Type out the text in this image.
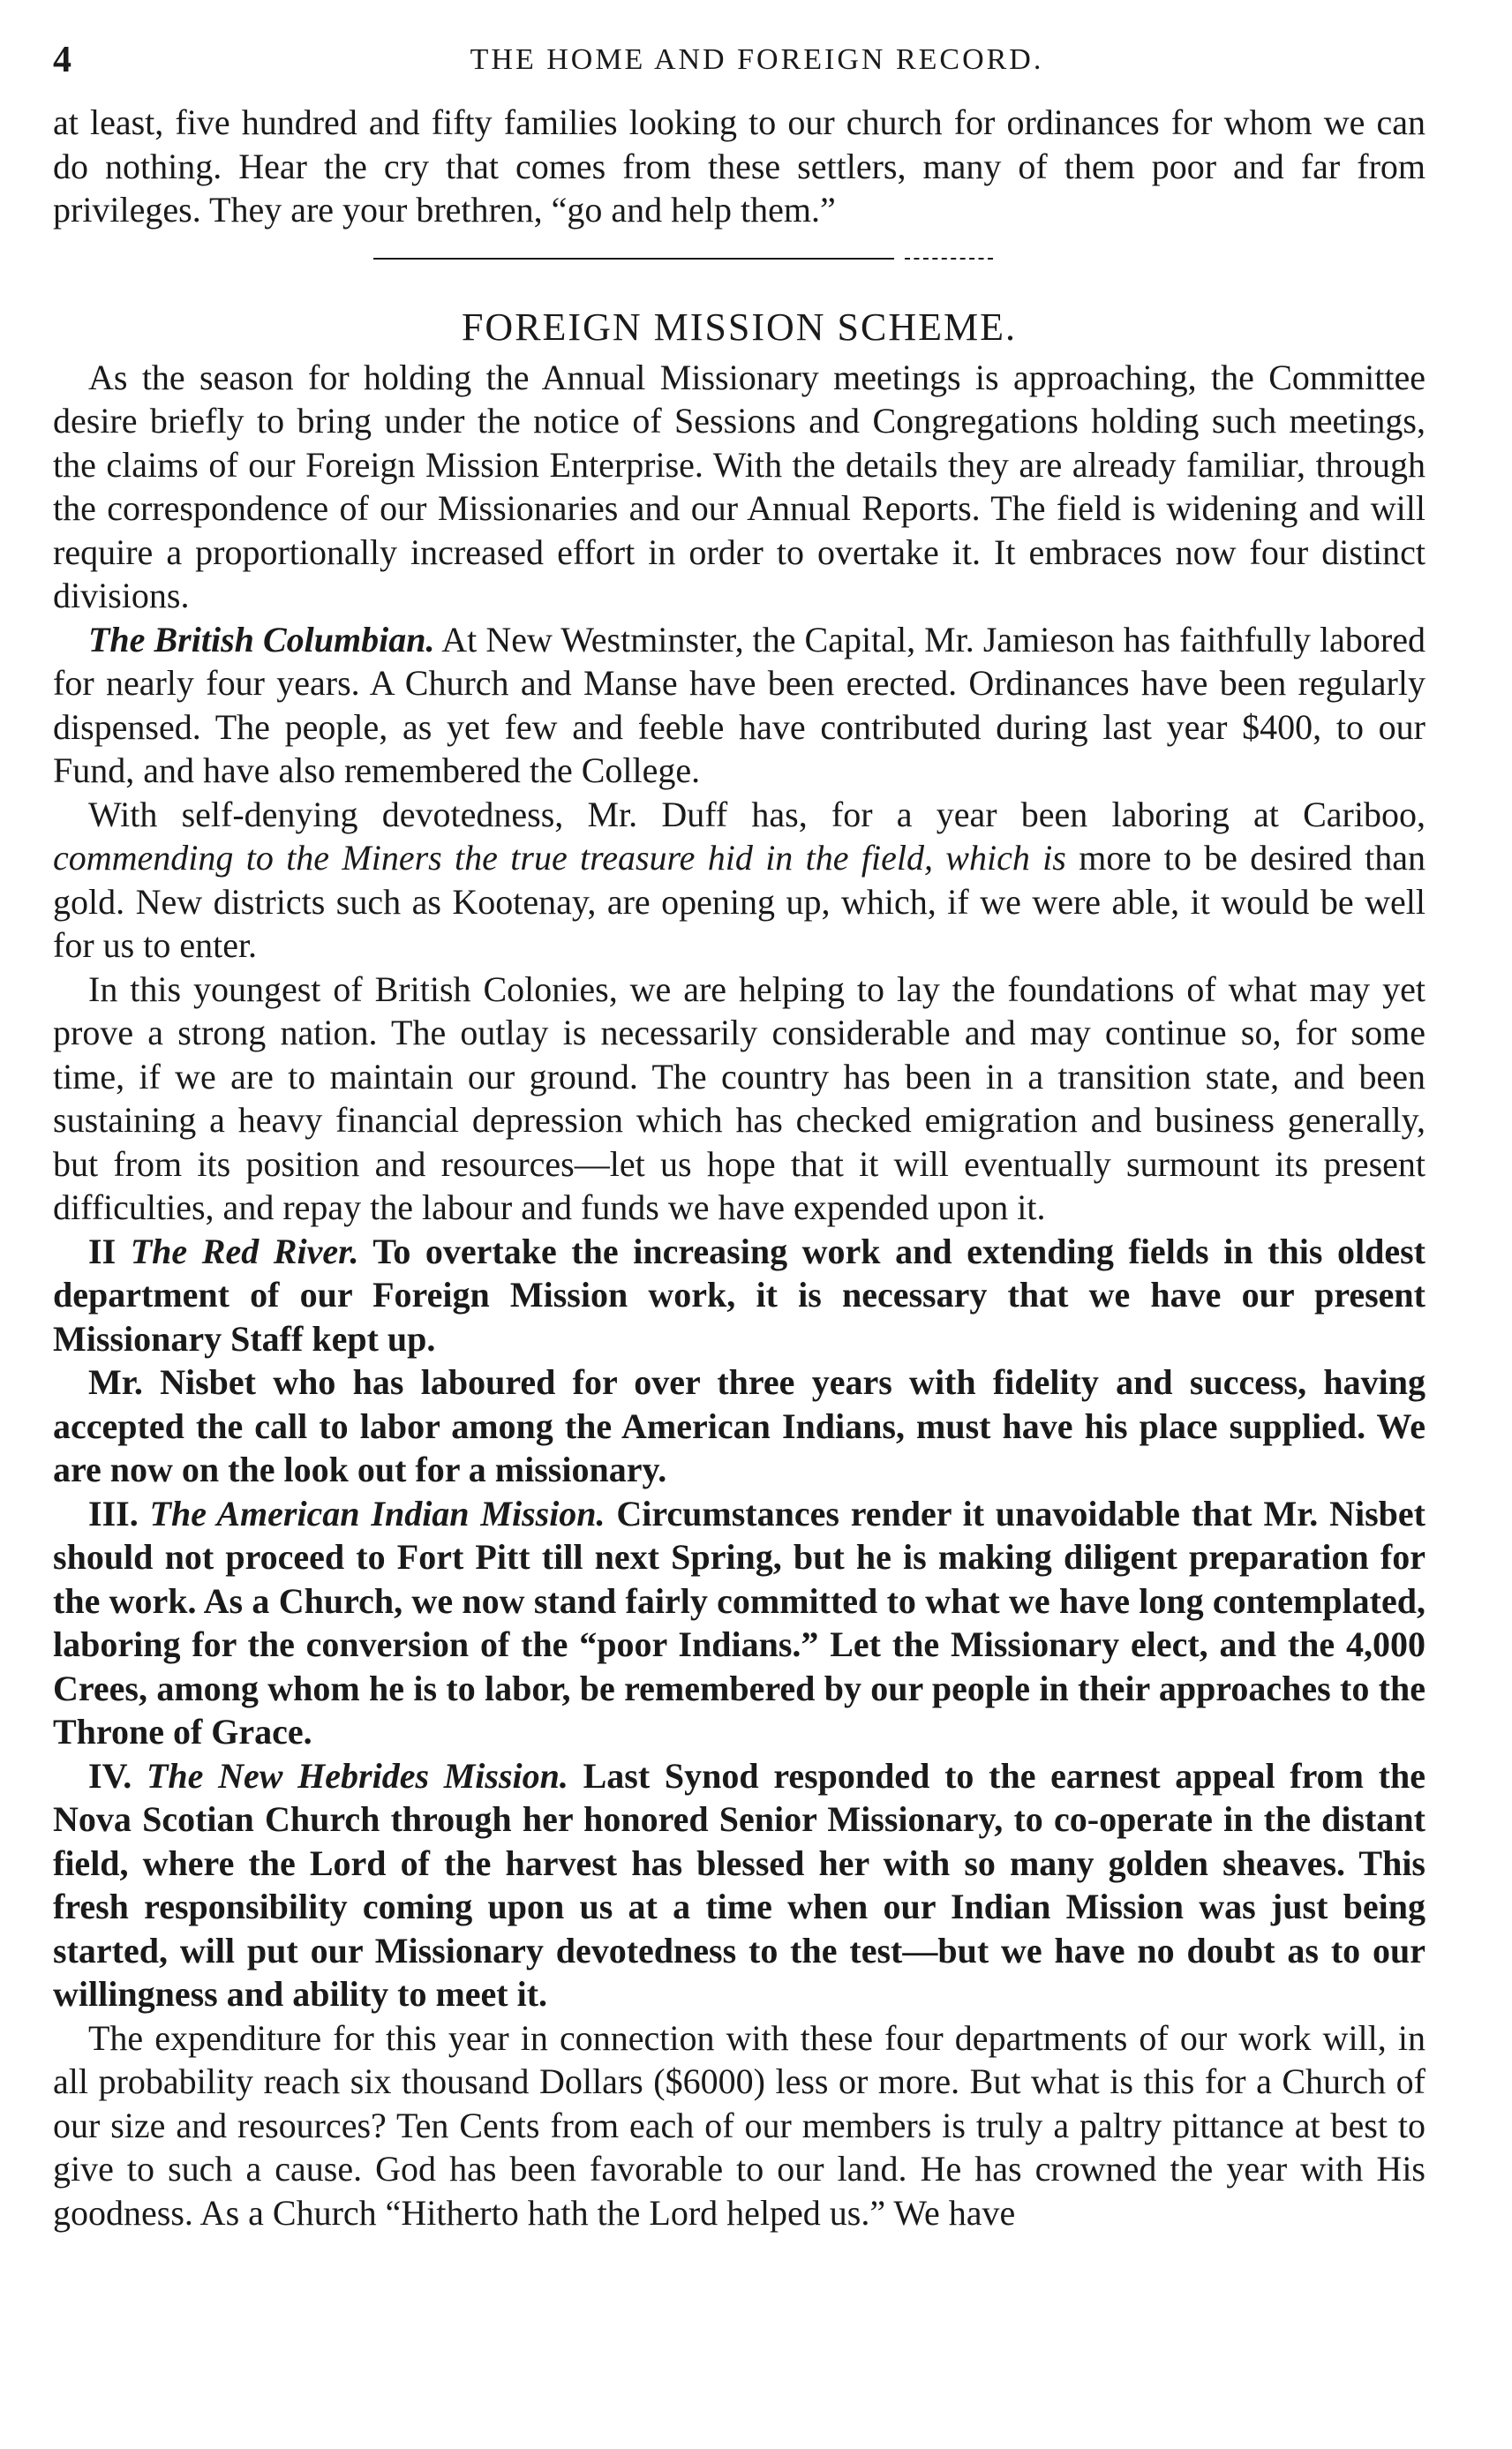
4	THE HOME AND FOREIGN RECORD.

at least, five hundred and fifty families looking to our church for ordinances for whom we can do nothing. Hear the cry that comes from these settlers, many of them poor and far from privileges. They are your brethren, “go and help them.”

FOREIGN MISSION SCHEME.

As the season for holding the Annual Missionary meetings is approaching, the Committee desire briefly to bring under the notice of Sessions and Congregations holding such meetings, the claims of our Foreign Mission Enterprise. With the details they are already familiar, through the correspondence of our Missionaries and our Annual Reports. The field is widening and will require a proportionally increased effort in order to overtake it. It embraces now four distinct divisions.

The British Columbian. At New Westminster, the Capital, Mr. Jamieson has faithfully labored for nearly four years. A Church and Manse have been erected. Ordinances have been regularly dispensed. The people, as yet few and feeble have contributed during last year $400, to our Fund, and have also remembered the College.

With self-denying devotedness, Mr. Duff has, for a year been laboring at Cariboo, commending to the Miners the true treasure hid in the field, which is more to be desired than gold. New districts such as Kootenay, are opening up, which, if we were able, it would be well for us to enter.

In this youngest of British Colonies, we are helping to lay the foundations of what may yet prove a strong nation. The outlay is necessarily considerable and may continue so, for some time, if we are to maintain our ground. The country has been in a transition state, and been sustaining a heavy financial depression which has checked emigration and business generally, but from its position and resources—let us hope that it will eventually surmount its present difficulties, and repay the labour and funds we have expended upon it.

II The Red River. To overtake the increasing work and extending fields in this oldest department of our Foreign Mission work, it is necessary that we have our present Missionary Staff kept up.

Mr. Nisbet who has laboured for over three years with fidelity and success, having accepted the call to labor among the American Indians, must have his place supplied. We are now on the look out for a missionary.

III. The American Indian Mission. Circumstances render it unavoidable that Mr. Nisbet should not proceed to Fort Pitt till next Spring, but he is making diligent preparation for the work. As a Church, we now stand fairly committed to what we have long contemplated, laboring for the conversion of the “poor Indians.” Let the Missionary elect, and the 4,000 Crees, among whom he is to labor, be remembered by our people in their approaches to the Throne of Grace.

IV. The New Hebrides Mission. Last Synod responded to the earnest appeal from the Nova Scotian Church through her honored Senior Missionary, to co-operate in the distant field, where the Lord of the harvest has blessed her with so many golden sheaves. This fresh responsibility coming upon us at a time when our Indian Mission was just being started, will put our Missionary devotedness to the test—but we have no doubt as to our willingness and ability to meet it.

The expenditure for this year in connection with these four departments of our work will, in all probability reach six thousand Dollars ($6000) less or more. But what is this for a Church of our size and resources? Ten Cents from each of our members is truly a paltry pittance at best to give to such a cause. God has been favorable to our land. He has crowned the year with His goodness. As a Church “Hitherto hath the Lord helped us.” We have
